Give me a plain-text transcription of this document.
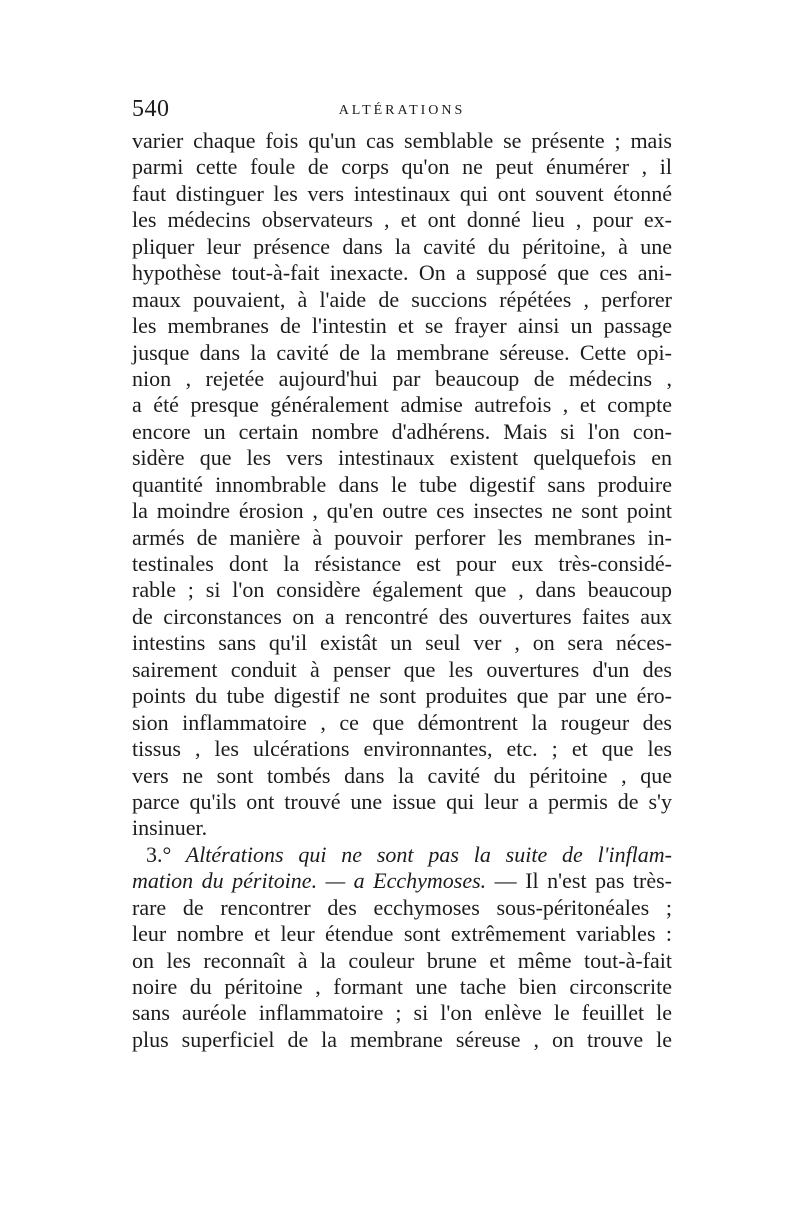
540	ALTÉRATIONS
varier chaque fois qu'un cas semblable se présente ; mais
parmi cette foule de corps qu'on ne peut énumérer , il
faut distinguer les vers intestinaux qui ont souvent étonné
les médecins observateurs , et ont donné lieu , pour ex-
pliquer leur présence dans la cavité du péritoine, à une
hypothèse tout-à-fait inexacte. On a supposé que ces ani-
maux pouvaient, à l'aide de succions répétées , perforer
les membranes de l'intestin et se frayer ainsi un passage
jusque dans la cavité de la membrane séreuse. Cette opi-
nion , rejetée aujourd'hui par beaucoup de médecins ,
a été presque généralement admise autrefois , et compte
encore un certain nombre d'adhérens. Mais si l'on con-
sidère que les vers intestinaux existent quelquefois en
quantité innombrable dans le tube digestif sans produire
la moindre érosion , qu'en outre ces insectes ne sont point
armés de manière à pouvoir perforer les membranes in-
testinales dont la résistance est pour eux très-considé-
rable ; si l'on considère également que , dans beaucoup
de circonstances on a rencontré des ouvertures faites aux
intestins sans qu'il existât un seul ver , on sera néces-
sairement conduit à penser que les ouvertures d'un des
points du tube digestif ne sont produites que par une éro-
sion inflammatoire , ce que démontrent la rougeur des
tissus , les ulcérations environnantes, etc. ; et que les
vers ne sont tombés dans la cavité du péritoine , que
parce qu'ils ont trouvé une issue qui leur a permis de s'y
insinuer.
3.° Altérations qui ne sont pas la suite de l'inflam-
mation du péritoine. — a Ecchymoses. — Il n'est pas très-
rare de rencontrer des ecchymoses sous-péritonéales ;
leur nombre et leur étendue sont extrêmement variables :
on les reconnaît à la couleur brune et même tout-à-fait
noire du péritoine , formant une tache bien circonscrite
sans auréole inflammatoire ; si l'on enlève le feuillet le
plus superficiel de la membrane séreuse , on trouve le
